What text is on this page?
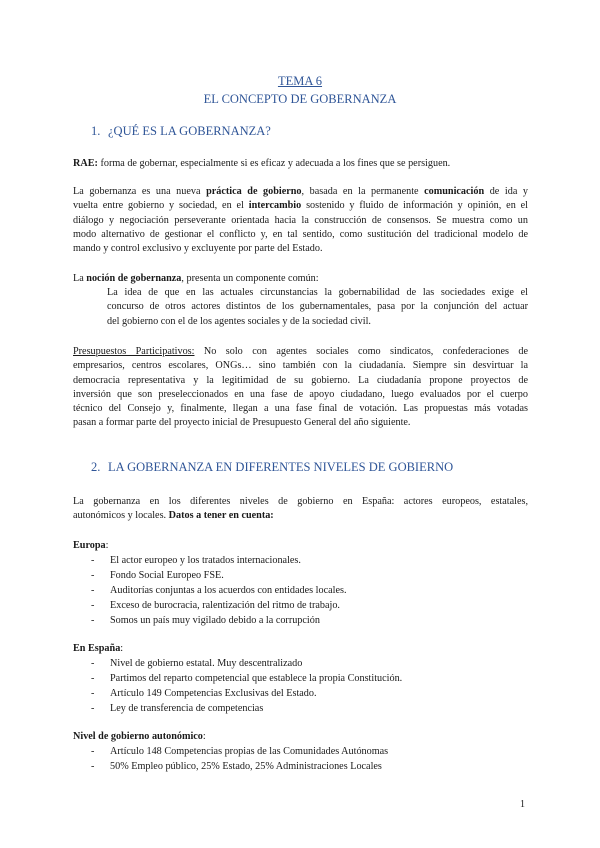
TEMA 6
EL CONCEPTO DE GOBERNANZA
1. ¿QUÉ ES LA GOBERNANZA?
RAE: forma de gobernar, especialmente si es eficaz y adecuada a los fines que se persiguen.
La gobernanza es una nueva práctica de gobierno, basada en la permanente comunicación de ida y
vuelta entre gobierno y sociedad, en el intercambio sostenido y fluido de información y opinión, en el
diálogo y negociación perseverante orientada hacia la construcción de consensos. Se muestra como un
modo alternativo de gestionar el conflicto y, en tal sentido, como sustitución del tradicional modelo de
mando y control exclusivo y excluyente por parte del Estado.
La noción de gobernanza, presenta un componente común:
La idea de que en las actuales circunstancias la gobernabilidad de las sociedades exige el
concurso de otros actores distintos de los gubernamentales, pasa por la conjunción del actuar
del gobierno con el de los agentes sociales y de la sociedad civil.
Presupuestos Participativos: No solo con agentes sociales como sindicatos, confederaciones de
empresarios, centros escolares, ONGs… sino también con la ciudadanía. Siempre sin desvirtuar la
democracia representativa y la legitimidad de su gobierno. La ciudadanía propone proyectos de
inversión que son preseleccionados en una fase de apoyo ciudadano, luego evaluados por el cuerpo
técnico del Consejo y, finalmente, llegan a una fase final de votación. Las propuestas más votadas
pasan a formar parte del proyecto inicial de Presupuesto General del año siguiente.
2. LA GOBERNANZA EN DIFERENTES NIVELES DE GOBIERNO
La gobernanza en los diferentes niveles de gobierno en España: actores europeos, estatales,
autonómicos y locales. Datos a tener en cuenta:
Europa:
- El actor europeo y los tratados internacionales.
- Fondo Social Europeo FSE.
- Auditorías conjuntas a los acuerdos con entidades locales.
- Exceso de burocracia, ralentización del ritmo de trabajo.
- Somos un país muy vigilado debido a la corrupción
En España:
- Nivel de gobierno estatal. Muy descentralizado
- Partimos del reparto competencial que establece la propia Constitución.
- Artículo 149 Competencias Exclusivas del Estado.
- Ley de transferencia de competencias
Nivel de gobierno autonómico:
- Artículo 148 Competencias propias de las Comunidades Autónomas
- 50% Empleo público, 25% Estado, 25% Administraciones Locales
1
